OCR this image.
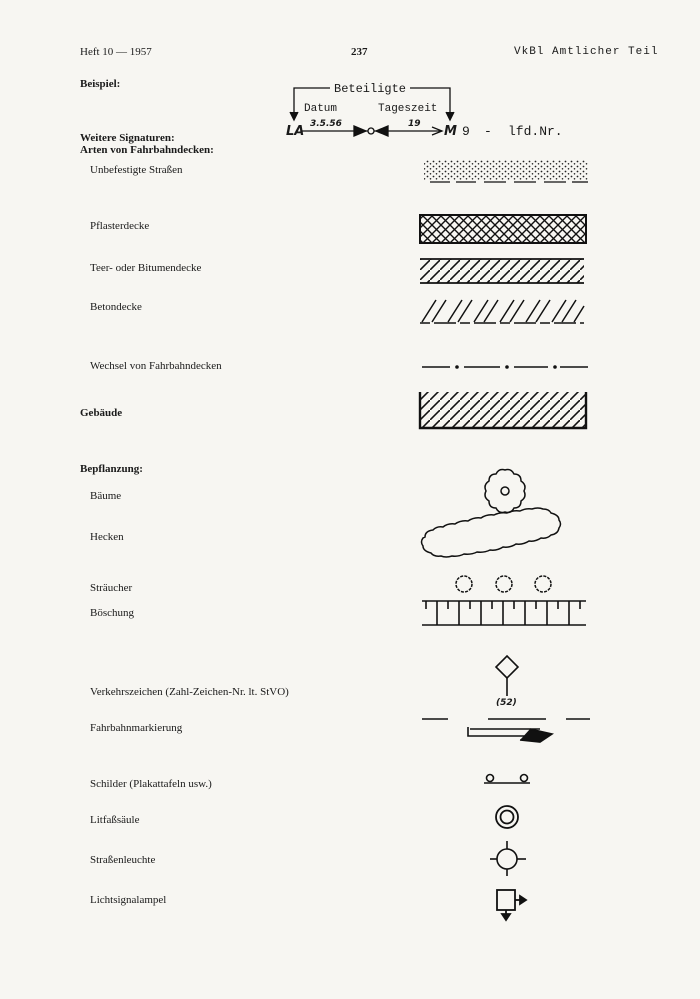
Heft 10 — 1957	237	VkBl Amtlicher Teil
Beispiel:	Beteiligte
Datum	Tageszeit
LA 3.5.56	19 M 9 - lfd.Nr.
Weitere Signaturen:
Arten von Fahrbahndecken:
Unbefestigte Straßen
Pflasterdecke
Teer- oder Bitumendecke
Betondecke
Wechsel von Fahrbahndecken
Gebäude
Bepflanzung:
Bäume
Hecken
Sträucher
Böschung
Verkehrszeichen (Zahl-Zeichen-Nr. lt. StVO)
Fahrbahnmarkierung
Schilder (Plakattafeln usw.)
Litfaßsäule
Straßenleuchte
Lichtsignalampel
(52)
